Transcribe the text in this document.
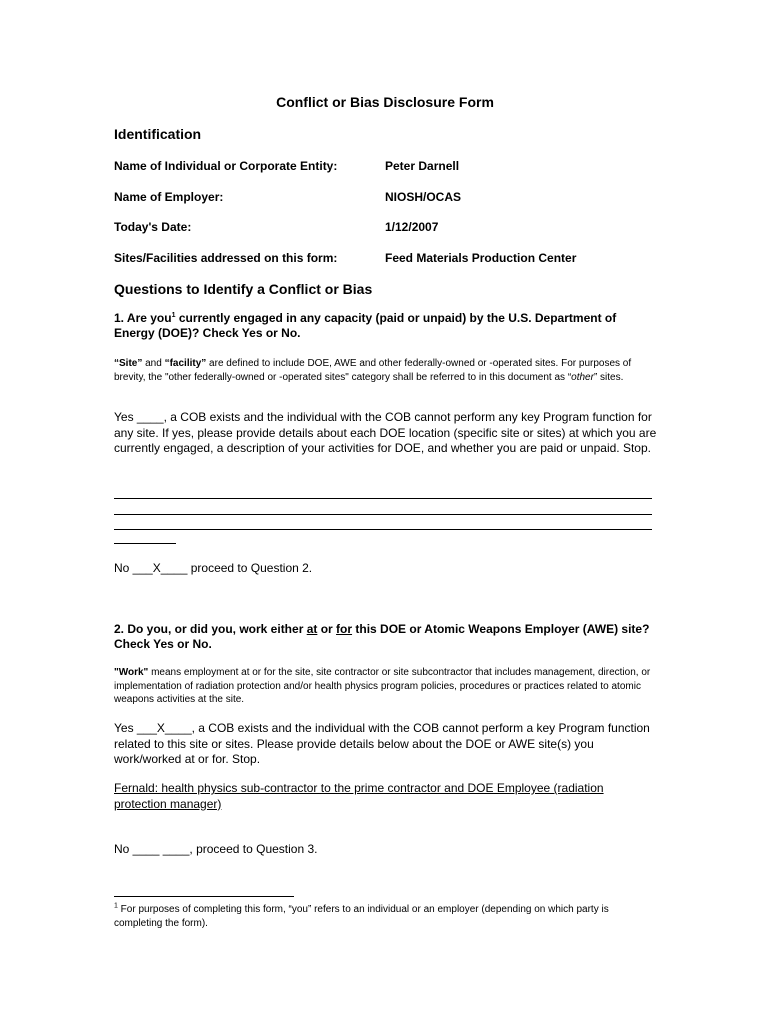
Conflict or Bias Disclosure Form
Identification
Name of Individual or Corporate Entity:	Peter Darnell
Name of Employer:	NIOSH/OCAS
Today's Date:	1/12/2007
Sites/Facilities addressed on this form:	Feed Materials Production Center
Questions to Identify a Conflict or Bias
1. Are you$^1$ currently engaged in any capacity (paid or unpaid) by the U.S. Department of Energy (DOE)? Check Yes or No.
“Site” and “facility” are defined to include DOE, AWE and other federally-owned or -operated sites. For purposes of brevity, the "other federally-owned or -operated sites" category shall be referred to in this document as “other” sites.
Yes ____, a COB exists and the individual with the COB cannot perform any key Program function for any site. If yes, please provide details about each DOE location (specific site or sites) at which you are currently engaged, a description of your activities for DOE, and whether you are paid or unpaid. Stop.
No ___X____ proceed to Question 2.
2. Do you, or did you, work either at or for this DOE or Atomic Weapons Employer (AWE) site? Check Yes or No.
"Work" means employment at or for the site, site contractor or site subcontractor that includes management, direction, or implementation of radiation protection and/or health physics program policies, procedures or practices related to atomic weapons activities at the site.
Yes ___X____, a COB exists and the individual with the COB cannot perform a key Program function related to this site or sites. Please provide details below about the DOE or AWE site(s) you work/worked at or for. Stop.
Fernald: health physics sub-contractor to the prime contractor and DOE Employee (radiation protection manager)
No ____ ____, proceed to Question 3.
$^1$ For purposes of completing this form, “you” refers to an individual or an employer (depending on which party is completing the form).
